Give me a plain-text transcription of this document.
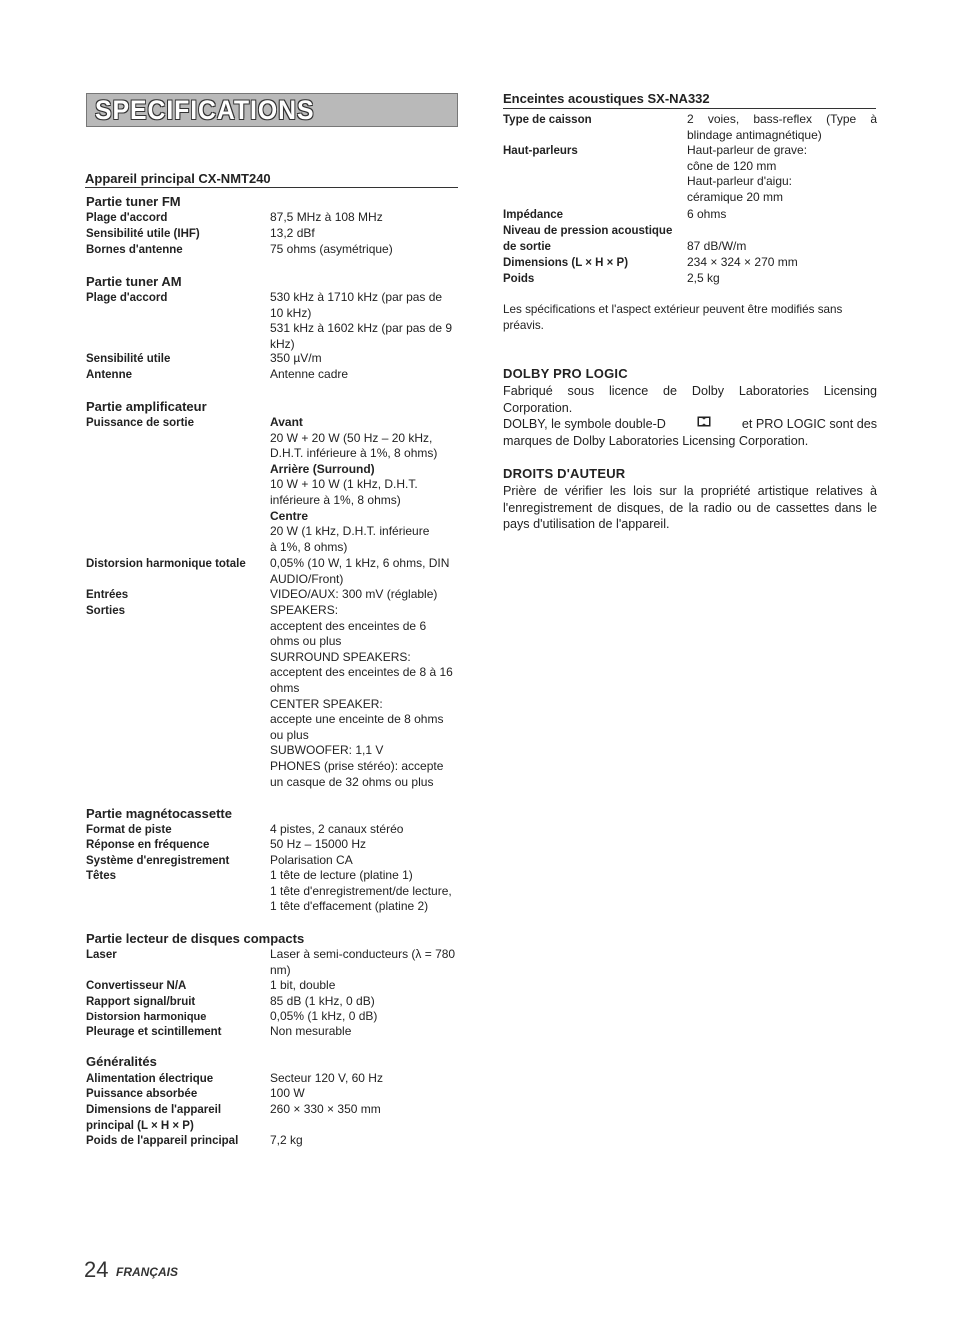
SPECIFICATIONS
Appareil principal CX-NMT240
Partie tuner FM
Plage d'accord	87,5 MHz à 108 MHz
Sensibilité utile (IHF)	13,2 dBf
Bornes d'antenne	75 ohms (asymétrique)
Partie tuner AM
Plage d'accord	530 kHz à 1710 kHz (par pas de
10 kHz)
531 kHz à 1602 kHz (par pas de 9
kHz)
Sensibilité utile	350 µV/m
Antenne	Antenne cadre
Partie amplificateur
Puissance de sortie	Avant
20 W + 20 W (50 Hz – 20 kHz,
D.H.T. inférieure à 1%, 8 ohms)
Arrière (Surround)
10 W + 10 W (1 kHz, D.H.T.
inférieure à 1%, 8 ohms)
Centre
20 W (1 kHz, D.H.T. inférieure
à 1%, 8 ohms)
Distorsion harmonique totale 0,05% (10 W, 1 kHz, 6 ohms, DIN
AUDIO/Front)
Entrées	VIDEO/AUX: 300 mV (réglable)
Sorties	SPEAKERS:
acceptent des enceintes de 6
ohms ou plus
SURROUND SPEAKERS:
acceptent des enceintes de 8 à 16
ohms
CENTER SPEAKER:
accepte une enceinte de 8 ohms
ou plus
SUBWOOFER: 1,1 V
PHONES (prise stéréo): accepte
un casque de 32 ohms ou plus
Partie magnétocassette
Format de piste	4 pistes, 2 canaux stéréo
Réponse en fréquence	50 Hz – 15000 Hz
Système d'enregistrement	Polarisation CA
Têtes	1 tête de lecture (platine 1)
1 tête d'enregistrement/de lecture,
1 tête d'effacement (platine 2)
Partie lecteur de disques compacts
Laser	Laser à semi-conducteurs (λ = 780
nm)
Convertisseur N/A	1 bit, double
Rapport signal/bruit	85 dB (1 kHz, 0 dB)
Distorsion harmonique	0,05% (1 kHz, 0 dB)
Pleurage et scintillement	Non mesurable
Généralités
Alimentation électrique	Secteur 120 V, 60 Hz
Puissance absorbée	100 W
Dimensions de l'appareil
principal (L × H × P)
260 × 330 × 350 mm
Poids de l'appareil principal	7,2 kg
Enceintes acoustiques SX-NA332
Type de caisson	2 voies, bass-reflex (Type à
blindage antimagnétique)
Haut-parleurs	Haut-parleur de grave:
cône de 120 mm
Haut-parleur d'aigu:
céramique 20 mm
Impédance	6 ohms
Niveau de pression acoustique
de sortie	87 dB/W/m
Dimensions (L × H × P)	234 × 324 × 270 mm
Poids	2,5 kg
Les spécifications et l'aspect extérieur peuvent être modifiés sans
préavis.
DOLBY PRO LOGIC
Fabriqué sous licence de Dolby Laboratories Licensing
Corporation.
DOLBY, le symbole double-D	et PRO LOGIC sont des
marques de Dolby Laboratories Licensing Corporation.
DROITS D'AUTEUR
Prière de vérifier les lois sur la propriété artistique relatives à
l'enregistrement de disques, de la radio ou de cassettes dans le
pays d'utilisation de l'appareil.
24 FRANÇAIS
